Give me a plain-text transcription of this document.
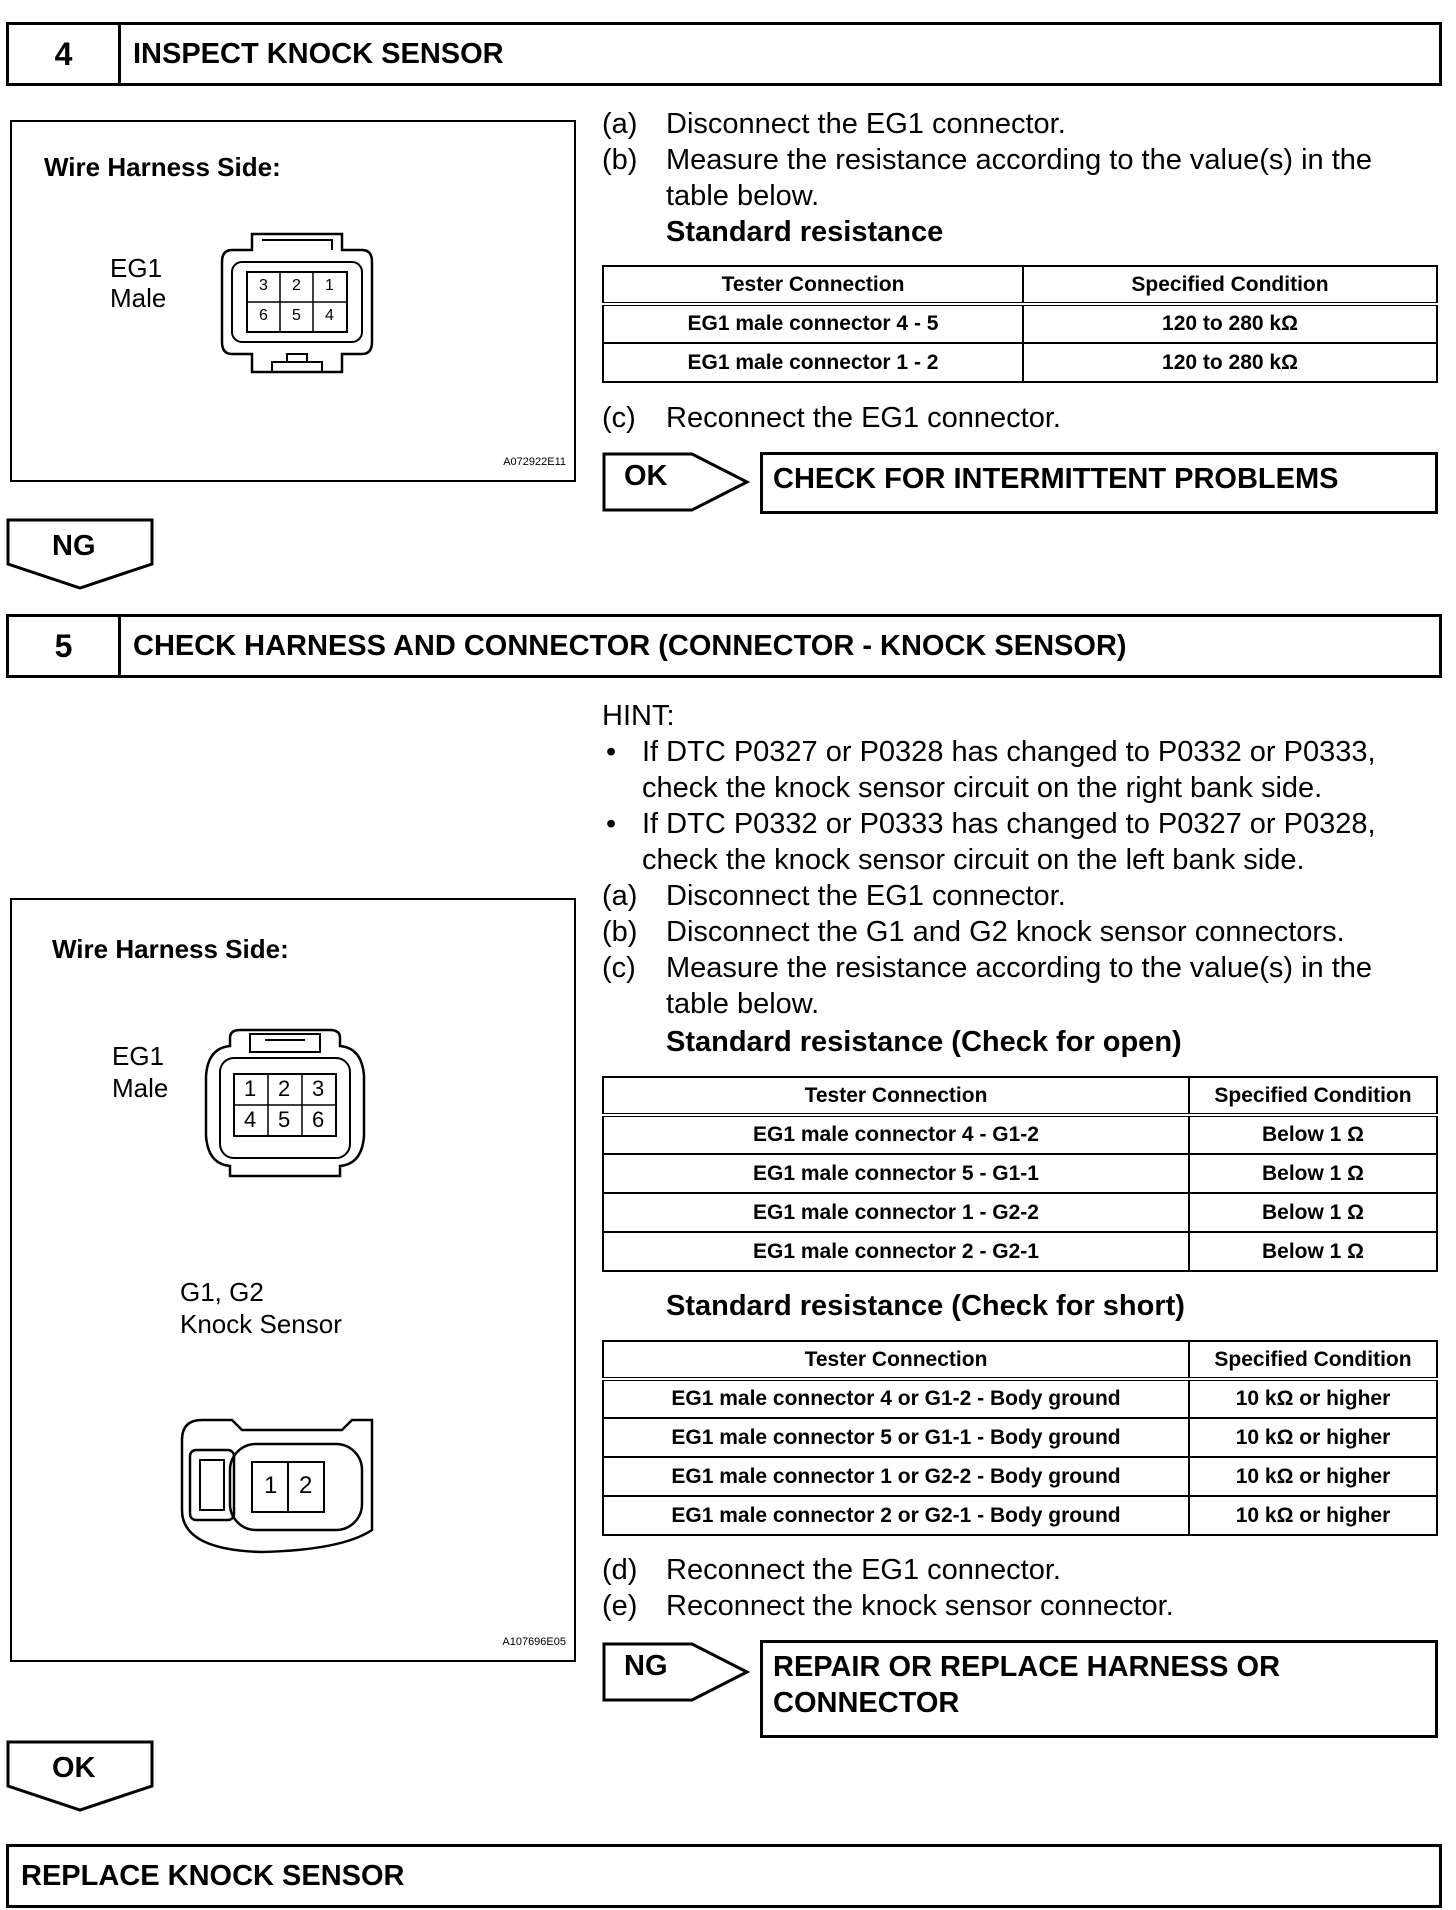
4	INSPECT KNOCK SENSOR
Wire Harness Side:
EG1
Male	3 2 1
6 5 4
A072922E11
(a) Disconnect the EG1 connector.
(b) Measure the resistance according to the value(s) in the
table below.
Standard resistance
Tester Connection	Specified Condition
EG1 male connector 4 - 5	120 to 280 kΩ
EG1 male connector 1 - 2	120 to 280 kΩ
(c)	Reconnect the EG1 connector.
OK	CHECK FOR INTERMITTENT PROBLEMS
NG
5	CHECK HARNESS AND CONNECTOR (CONNECTOR - KNOCK SENSOR)
HINT:
• If DTC P0327 or P0328 has changed to P0332 or P0333,
check the knock sensor circuit on the right bank side.
• If DTC P0332 or P0333 has changed to P0327 or P0328,
check the knock sensor circuit on the left bank side.
(a) Disconnect the EG1 connector.
(b) Disconnect the G1 and G2 knock sensor connectors.
(c)	Measure the resistance according to the value(s) in the
table below.
Standard resistance (Check for open)
Wire Harness Side:
EG1
Male	1 2 3
4 5 6
G1, G2
Knock Sensor
1 2
A107696E05
Tester Connection	Specified Condition
EG1 male connector 4 - G1-2	Below 1 Ω
EG1 male connector 5 - G1-1	Below 1 Ω
EG1 male connector 1 - G2-2	Below 1 Ω
EG1 male connector 2 - G2-1	Below 1 Ω
Standard resistance (Check for short)
Tester Connection	Specified Condition
EG1 male connector 4 or G1-2 - Body ground	10 kΩ or higher
EG1 male connector 5 or G1-1 - Body ground	10 kΩ or higher
EG1 male connector 1 or G2-2 - Body ground	10 kΩ or higher
EG1 male connector 2 or G2-1 - Body ground	10 kΩ or higher
(d) Reconnect the EG1 connector.
(e) Reconnect the knock sensor connector.
NG	REPAIR OR REPLACE HARNESS OR
CONNECTOR
OK
REPLACE KNOCK SENSOR
